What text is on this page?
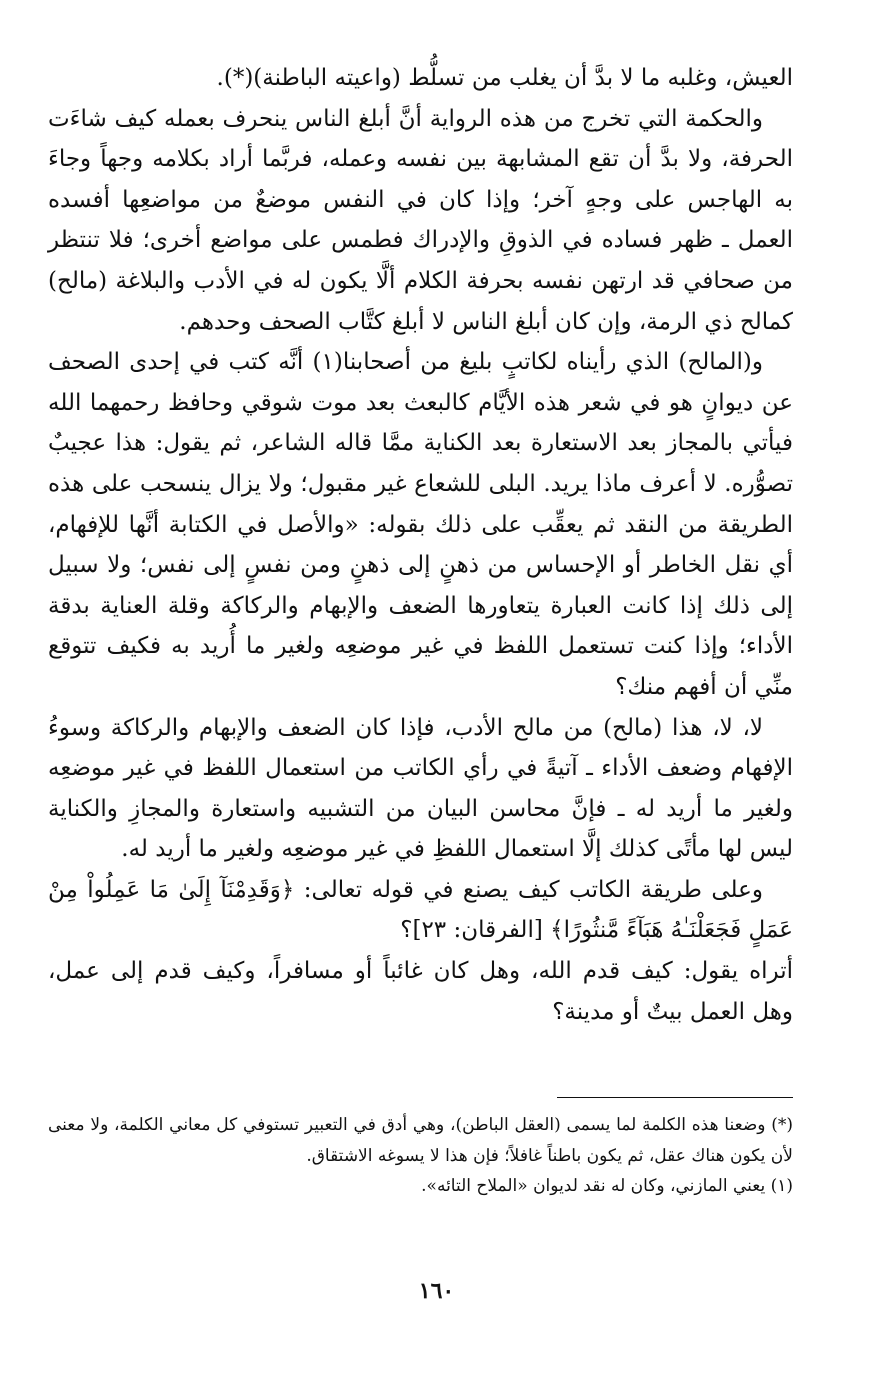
العيش، وغلبه ما لا بدَّ أن يغلب من تسلُّط (واعيته الباطنة)(*).

والحكمة التي تخرج من هذه الرواية أنَّ أبلغ الناس ينحرف بعمله كيف شاءَت الحرفة، ولا بدَّ أن تقع المشابهة بين نفسه وعمله، فربَّما أراد بكلامه وجهاً وجاءَ به الهاجس على وجهٍ آخر؛ وإذا كان في النفس موضعٌ من مواضعِها أفسده العمل ـ ظهر فساده في الذوقِ والإدراك فطمس على مواضع أخرى؛ فلا تنتظر من صحافي قد ارتهن نفسه بحرفة الكلام ألَّا يكون له في الأدب والبلاغة (مالح) كمالح ذي الرمة، وإن كان أبلغ الناس لا أبلغ كتَّاب الصحف وحدهم.

و(المالح) الذي رأيناه لكاتبٍ بليغ من أصحابنا(١) أنَّه كتب في إحدى الصحف عن ديوانٍ هو في شعر هذه الأيَّام كالبعث بعد موت شوقي وحافظ رحمهما الله فيأتي بالمجاز بعد الاستعارة بعد الكناية ممَّا قاله الشاعر، ثم يقول: هذا عجيبٌ تصوُّره. لا أعرف ماذا يريد. البلى للشعاع غير مقبول؛ ولا يزال ينسحب على هذه الطريقة من النقد ثم يعقِّب على ذلك بقوله: «والأصل في الكتابة أنَّها للإفهام، أي نقل الخاطر أو الإحساس من ذهنٍ إلى ذهنٍ ومن نفسٍ إلى نفس؛ ولا سبيل إلى ذلك إذا كانت العبارة يتعاورها الضعف والإبهام والركاكة وقلة العناية بدقة الأداء؛ وإذا كنت تستعمل اللفظ في غير موضعِه ولغير ما أُريد به فكيف تتوقع منِّي أن أفهم منك؟

لا، لا، هذا (مالح) من مالح الأدب، فإذا كان الضعف والإبهام والركاكة وسوءُ الإفهام وضعف الأداء ـ آتيةً في رأي الكاتب من استعمال اللفظ في غير موضعِه ولغير ما أريد له ـ فإنَّ محاسن البيان من التشبيه واستعارة والمجازِ والكناية ليس لها مأتًى كذلك إلَّا استعمال اللفظِ في غير موضعِه ولغير ما أريد له.

وعلى طريقة الكاتب كيف يصنع في قوله تعالى: ﴿وَقَدِمْنَآ إِلَىٰ مَا عَمِلُواْ مِنْ عَمَلٍ فَجَعَلْنَـٰهُ هَبَآءً مَّنثُورًا﴾ [الفرقان: ٢٣]؟

أتراه يقول: كيف قدم الله، وهل كان غائباً أو مسافراً، وكيف قدم إلى عمل، وهل العمل بيتٌ أو مدينة؟

(*) وضعنا هذه الكلمة لما يسمى (العقل الباطن)، وهي أدق في التعبير تستوفي كل معاني الكلمة، ولا معنى لأن يكون هناك عقل، ثم يكون باطناً غافلاً؛ فإن هذا لا يسوغه الاشتقاق.

(١) يعني المازني، وكان له نقد لديوان «الملاح التائه».

١٦٠
